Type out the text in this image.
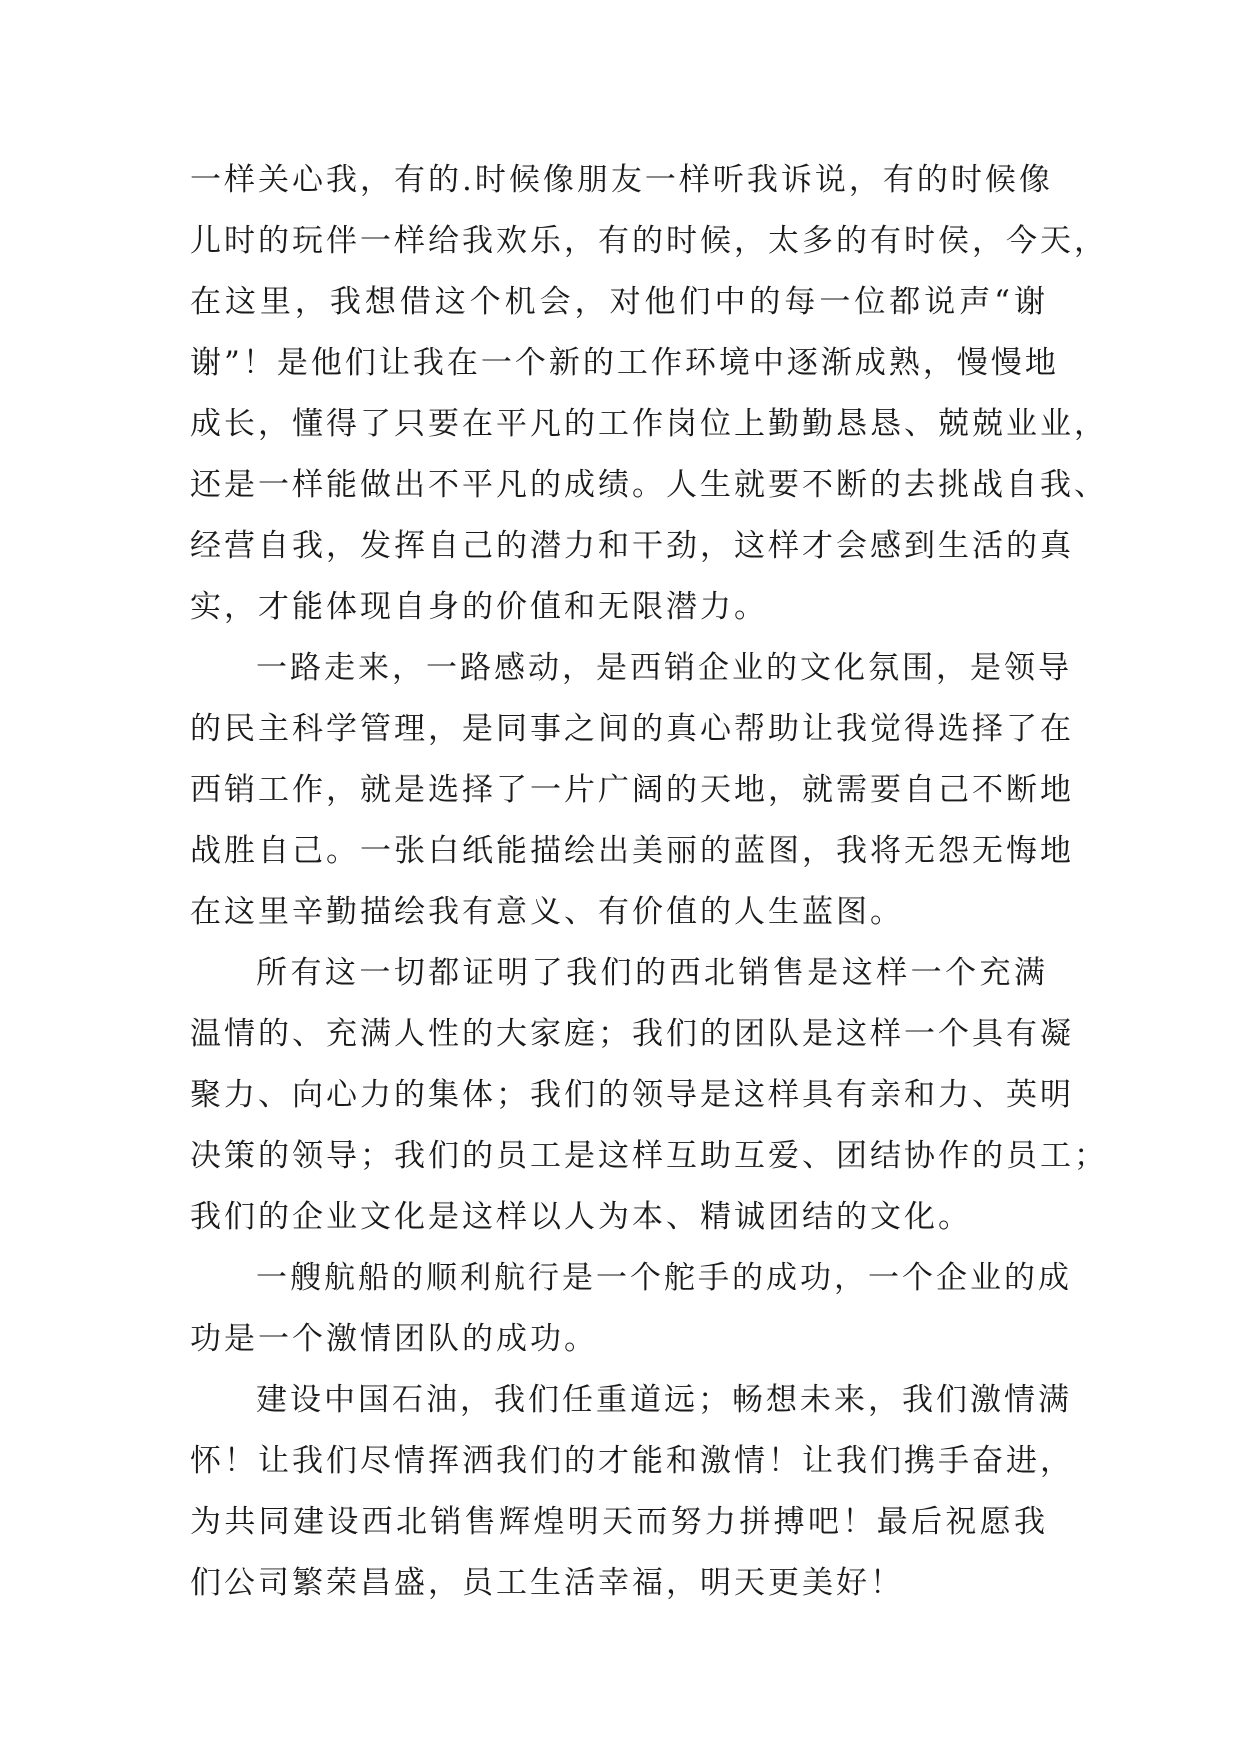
一样关心我，有的.时候像朋友一样听我诉说，有的时候像
儿时的玩伴一样给我欢乐，有的时候，太多的有时侯，今天，
在这里，我想借这个机会，对他们中的每一位都说声“谢
谢”！是他们让我在一个新的工作环境中逐渐成熟，慢慢地
成长，懂得了只要在平凡的工作岗位上勤勤恳恳、兢兢业业，
还是一样能做出不平凡的成绩。人生就要不断的去挑战自我、
经营自我，发挥自己的潜力和干劲，这样才会感到生活的真
实，才能体现自身的价值和无限潜力。
一路走来，一路感动，是西销企业的文化氛围，是领导
的民主科学管理，是同事之间的真心帮助让我觉得选择了在
西销工作，就是选择了一片广阔的天地，就需要自己不断地
战胜自己。一张白纸能描绘出美丽的蓝图，我将无怨无悔地
在这里辛勤描绘我有意义、有价值的人生蓝图。
所有这一切都证明了我们的西北销售是这样一个充满
温情的、充满人性的大家庭；我们的团队是这样一个具有凝
聚力、向心力的集体；我们的领导是这样具有亲和力、英明
决策的领导；我们的员工是这样互助互爱、团结协作的员工；
我们的企业文化是这样以人为本、精诚团结的文化。
一艘航船的顺利航行是一个舵手的成功，一个企业的成
功是一个激情团队的成功。
建设中国石油，我们任重道远；畅想未来，我们激情满
怀！让我们尽情挥洒我们的才能和激情！让我们携手奋进，
为共同建设西北销售辉煌明天而努力拼搏吧！最后祝愿我
们公司繁荣昌盛，员工生活幸福，明天更美好！
